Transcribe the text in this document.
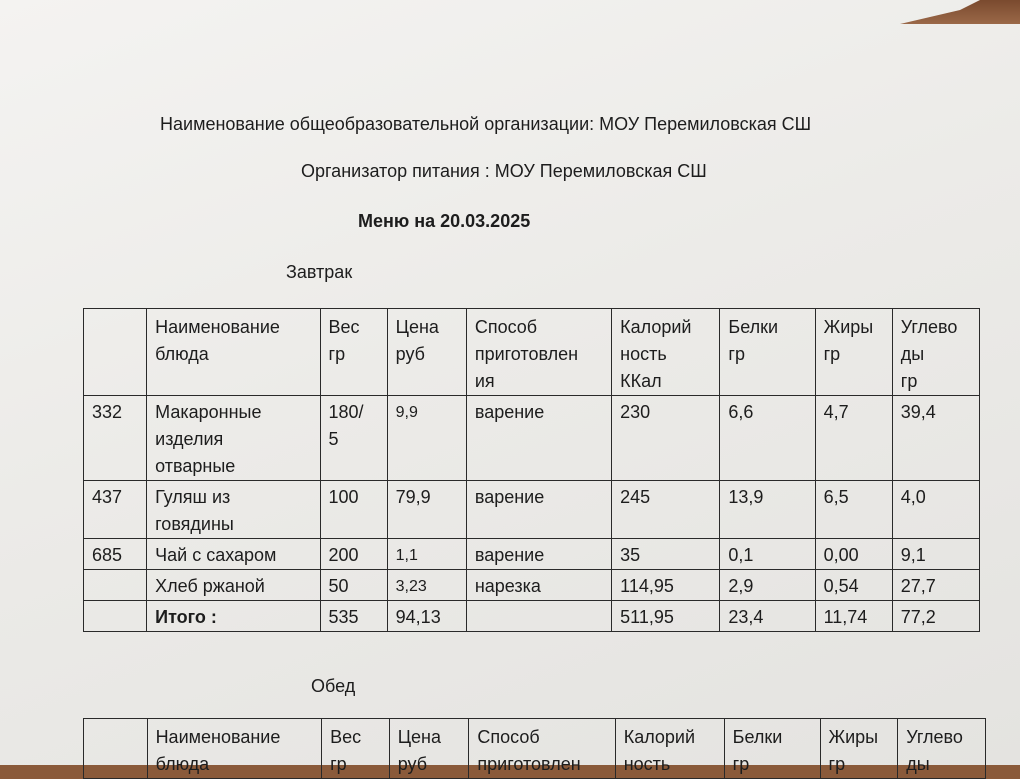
Наименование общеобразовательной организации: МОУ Перемиловская СШ
Организатор питания : МОУ Перемиловская СШ
Меню на 20.03.2025
Завтрак
	Наименование
блюда	Вес
гр	Цена
руб	Способ
приготовлен
ия	Калорий
ность
ККал	Белки
гр	Жиры
гр	Углево
ды
гр
332	Макаронные
изделия
отварные	180/
5	9,9	варение	230	6,6	4,7	39,4
437	Гуляш из
говядины	100	79,9	варение	245	13,9	6,5	4,0
685	Чай с сахаром	200	1,1	варение	35	0,1	0,00	9,1
	Хлеб ржаной	50	3,23	нарезка	114,95	2,9	0,54	27,7
	Итого :	535	94,13		511,95	23,4	11,74	77,2
Обед
	Наименование
блюда	Вес
гр	Цена
руб	Способ
приготовлен	Калорий
ность	Белки
гр	Жиры
гр	Углево
ды
